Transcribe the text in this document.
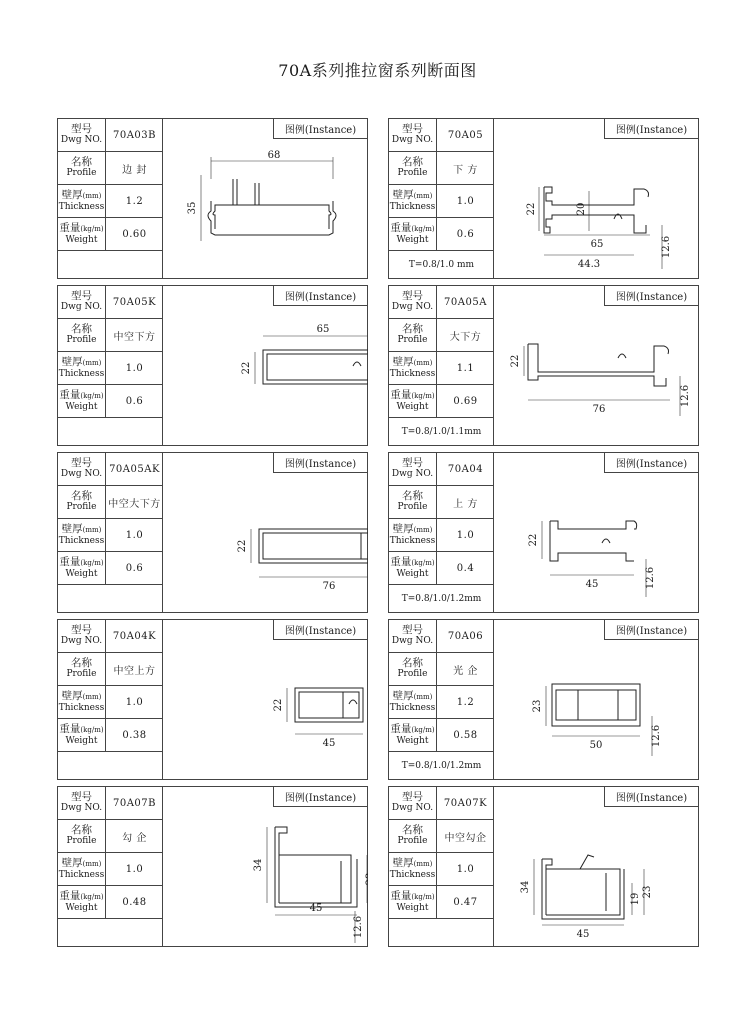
70A系列推拉窗系列断面图
型号
Dwg NO.	70A03B
名称
Profile	边 封
壁厚(mm)
Thickness	1.2
重量(kg/m)
Weight	0.60
图例(Instance)
68
35
型号
Dwg NO.	70A05
名称
Profile	下 方
壁厚(mm)
Thickness	1.0
重量(kg/m)
Weight	0.6
T=0.8/1.0 mm
图例(Instance)
22	20
65
44.3
12.6
型号
Dwg NO.	70A05K
名称
Profile	中空下方
壁厚(mm)
Thickness	1.0
重量(kg/m)
Weight	0.6
图例(Instance)
65
22
型号
Dwg NO.	70A05A
名称
Profile	大下方
壁厚(mm)
Thickness	1.1
重量(kg/m)
Weight	0.69
T=0.8/1.0/1.1mm
图例(Instance)
22
76
12.6
型号
Dwg NO. 70A05AK
名称
Profile 中空大下方
壁厚(mm)
Thickness	1.0
重量(kg/m)
Weight	0.6
图例(Instance)
22
76
型号
Dwg NO.	70A04
名称
Profile	上 方
壁厚(mm)
Thickness	1.0
重量(kg/m)
Weight	0.4
T=0.8/1.0/1.2mm
图例(Instance)
22
45	12.6
型号
Dwg NO.	70A04K
名称
Profile	中空上方
壁厚(mm)
Thickness	1.0
重量(kg/m)
Weight	0.38
图例(Instance)
22
45
型号
Dwg NO.	70A06
名称
Profile	光 企
壁厚(mm)
Thickness	1.2
重量(kg/m)
Weight	0.58
T=0.8/1.0/1.2mm
图例(Instance)
23
50	12.6
型号
Dwg NO.	70A07B
名称
Profile	勾 企
壁厚(mm)
Thickness	1.0
重量(kg/m)
Weight	0.48
图例(Instance)
34
23
45
12.6
型号
Dwg NO.	70A07K
名称
Profile	中空勾企
壁厚(mm)
Thickness	1.0
重量(kg/m)
Weight	0.47
图例(Instance)
34
19
23
45
